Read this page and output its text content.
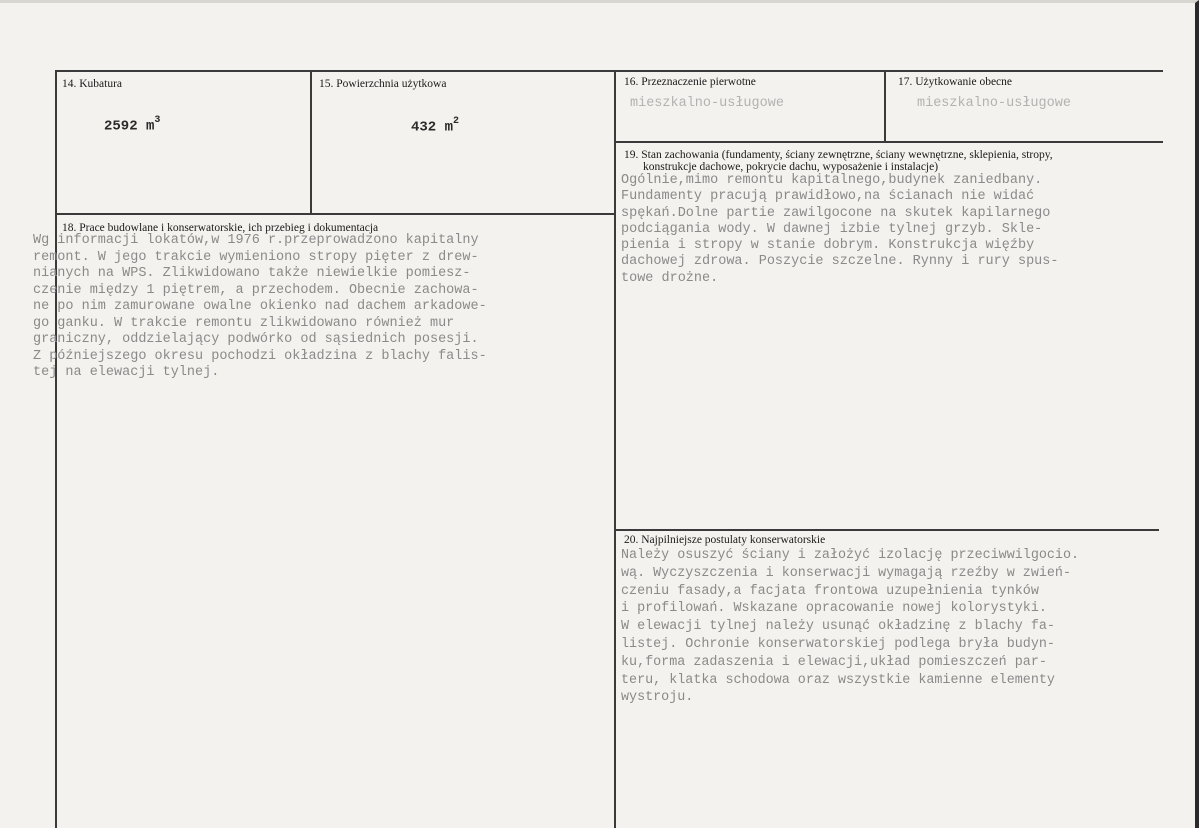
14. Kubatura
2592 $m^3$
15. Powierzchnia użytkowa
432 $m^2$
16. Przeznaczenie pierwotne
mieszkalno-usługowe
17. Użytkowanie obecne
mieszkalno-usługowe
19. Stan zachowania (fundamenty, ściany zewnętrzne, ściany wewnętrzne, sklepienia, stropy,
konstrukcje dachowe, pokrycie dachu, wyposażenie i instalacje)
Ogólnie,mimo remontu kapitalnego,budynek zaniedbany.
Fundamenty pracują prawidłowo,na ścianach nie widać
spękań.Dolne partie zawilgocone na skutek kapilarnego
podciągania wody. W dawnej izbie tylnej grzyb. Skle-
pienia i stropy w stanie dobrym. Konstrukcja więźby
dachowej zdrowa. Poszycie szczelne. Rynny i rury spus-
towe drożne.
18. Prace budowlane i konserwatorskie, ich przebieg i dokumentacja
Wg informacji lokatów,w 1976 r.przeprowadzono kapitalny
remont. W jego trakcie wymieniono stropy pięter z drew-
nianych na WPS. Zlikwidowano także niewielkie pomiesz-
czenie między 1 piętrem, a przechodem. Obecnie zachowa-
ne po nim zamurowane owalne okienko nad dachem arkadowe-
go ganku. W trakcie remontu zlikwidowano również mur
graniczny, oddzielający podwórko od sąsiednich posesji.
Z późniejszego okresu pochodzi okładzina z blachy falis-
tej na elewacji tylnej.
20. Najpilniejsze postulaty konserwatorskie
Należy osuszyć ściany i założyć izolację przeciwwilgocio.
wą. Wyczyszczenia i konserwacji wymagają rzeźby w zwień-
czeniu fasady,a facjata frontowa uzupełnienia tynków
i profilowań. Wskazane opracowanie nowej kolorystyki.
W elewacji tylnej należy usunąć okładzinę z blachy fa-
listej. Ochronie konserwatorskiej podlega bryła budyn-
ku,forma zadaszenia i elewacji,układ pomieszczeń par-
teru, klatka schodowa oraz wszystkie kamienne elementy
wystroju.
